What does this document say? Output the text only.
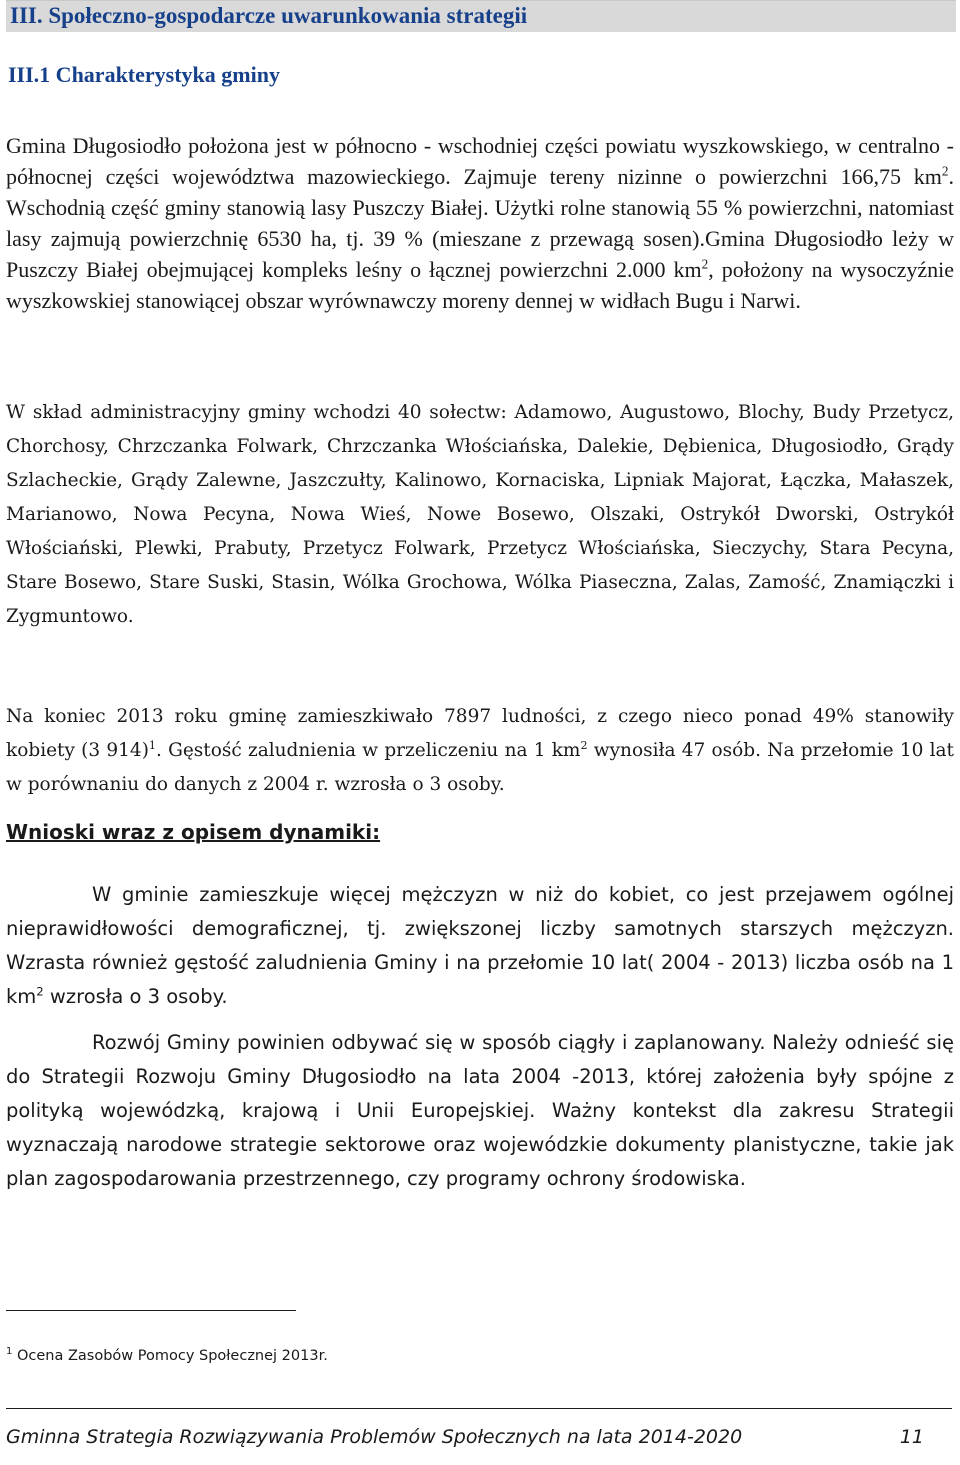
III. Społeczno-gospodarcze uwarunkowania strategii
III.1 Charakterystyka gminy

Gmina Długosiodło położona jest w północno - wschodniej części powiatu wyszkowskiego, w centralno - północnej części województwa mazowieckiego. Zajmuje tereny nizinne o powierzchni 166,75 $km^2$. Wschodnią część gminy stanowią lasy Puszczy Białej. Użytki rolne stanowią 55 % powierzchni, natomiast lasy zajmują powierzchnię 6530 ha, tj. 39 % (mieszane z przewagą sosen).Gmina Długosiodło leży w Puszczy Białej obejmującej kompleks leśny o łącznej powierzchni 2.000 $km^2$, położony na wysoczyźnie wyszkowskiej stanowiącej obszar wyrównawczy moreny dennej w widłach Bugu i Narwi.

W skład administracyjny gminy wchodzi 40 sołectw: Adamowo, Augustowo, Blochy, Budy Przetycz, Chorchosy, Chrzczanka Folwark, Chrzczanka Włościańska, Dalekie, Dębienica, Długosiodło, Grądy Szlacheckie, Grądy Zalewne, Jaszczułty, Kalinowo, Kornaciska, Lipniak Majorat, Łączka, Małaszek, Marianowo, Nowa Pecyna, Nowa Wieś, Nowe Bosewo, Olszaki, Ostrykół Dworski, Ostrykół Włościański, Plewki, Prabuty, Przetycz Folwark, Przetycz Włościańska, Sieczychy, Stara Pecyna, Stare Bosewo, Stare Suski, Stasin, Wólka Grochowa, Wólka Piaseczna, Zalas, Zamość, Znamiączki i Zygmuntowo.

Na koniec 2013 roku gminę zamieszkiwało 7897 ludności, z czego nieco ponad 49% stanowiły kobiety (3 914)$^1$. Gęstość zaludnienia w przeliczeniu na 1 $km^2$ wynosiła 47 osób. Na przełomie 10 lat w porównaniu do danych z 2004 r. wzrosła o 3 osoby.

Wnioski wraz z opisem dynamiki:

W gminie zamieszkuje więcej mężczyzn w niż do kobiet, co jest przejawem ogólnej nieprawidłowości demograficznej, tj. zwiększonej liczby samotnych starszych mężczyzn. Wzrasta również gęstość zaludnienia Gminy i na przełomie 10 lat( 2004 - 2013) liczba osób na 1 $km^2$ wzrosła o 3 osoby.

Rozwój Gminy powinien odbywać się w sposób ciągły i zaplanowany. Należy odnieść się do Strategii Rozwoju Gminy Długosiodło na lata 2004 -2013, której założenia były spójne z polityką wojewódzką, krajową i Unii Europejskiej. Ważny kontekst dla zakresu Strategii wyznaczają narodowe strategie sektorowe oraz wojewódzkie dokumenty planistyczne, takie jak plan zagospodarowania przestrzennego, czy programy ochrony środowiska.

$^1$ Ocena Zasobów Pomocy Społecznej 2013r.
Gminna Strategia Rozwiązywania Problemów Społecznych na lata 2014-2020	11
